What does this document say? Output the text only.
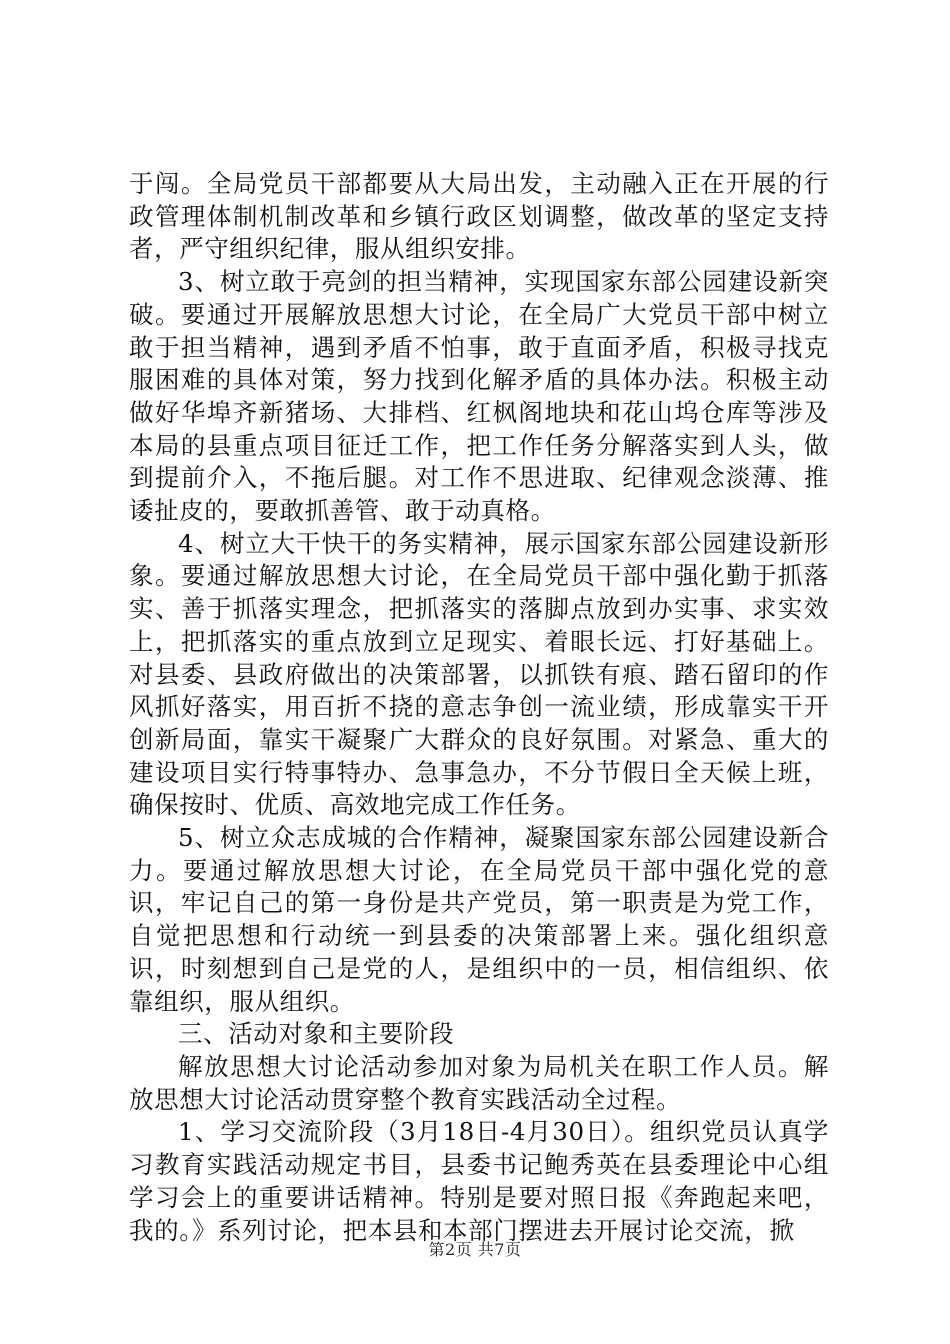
于闯。全局党员干部都要从大局出发，主动融入正在开展的行政管理体制机制改革和乡镇行政区划调整，做改革的坚定支持者，严守组织纪律，服从组织安排。

3、树立敢于亮剑的担当精神，实现国家东部公园建设新突破。要通过开展解放思想大讨论，在全局广大党员干部中树立敢于担当精神，遇到矛盾不怕事，敢于直面矛盾，积极寻找克服困难的具体对策，努力找到化解矛盾的具体办法。积极主动做好华埠齐新猪场、大排档、红枫阁地块和花山坞仓库等涉及本局的县重点项目征迁工作，把工作任务分解落实到人头，做到提前介入，不拖后腿。对工作不思进取、纪律观念淡薄、推诿扯皮的，要敢抓善管、敢于动真格。

4、树立大干快干的务实精神，展示国家东部公园建设新形象。要通过解放思想大讨论，在全局党员干部中强化勤于抓落实、善于抓落实理念，把抓落实的落脚点放到办实事、求实效上，把抓落实的重点放到立足现实、着眼长远、打好基础上。对县委、县政府做出的决策部署，以抓铁有痕、踏石留印的作风抓好落实，用百折不挠的意志争创一流业绩，形成靠实干开创新局面，靠实干凝聚广大群众的良好氛围。对紧急、重大的建设项目实行特事特办、急事急办，不分节假日全天候上班，确保按时、优质、高效地完成工作任务。

5、树立众志成城的合作精神，凝聚国家东部公园建设新合力。要通过解放思想大讨论，在全局党员干部中强化党的意识，牢记自己的第一身份是共产党员，第一职责是为党工作，自觉把思想和行动统一到县委的决策部署上来。强化组织意识，时刻想到自己是党的人，是组织中的一员，相信组织、依靠组织，服从组织。

三、活动对象和主要阶段

解放思想大讨论活动参加对象为局机关在职工作人员。解放思想大讨论活动贯穿整个教育实践活动全过程。

1、学习交流阶段（3月18日-4月30日）。组织党员认真学习教育实践活动规定书目，县委书记鲍秀英在县委理论中心组学习会上的重要讲话精神。特别是要对照日报《奔跑起来吧，我的。》系列讨论，把本县和本部门摆进去开展讨论交流，掀

第2页 共7页
